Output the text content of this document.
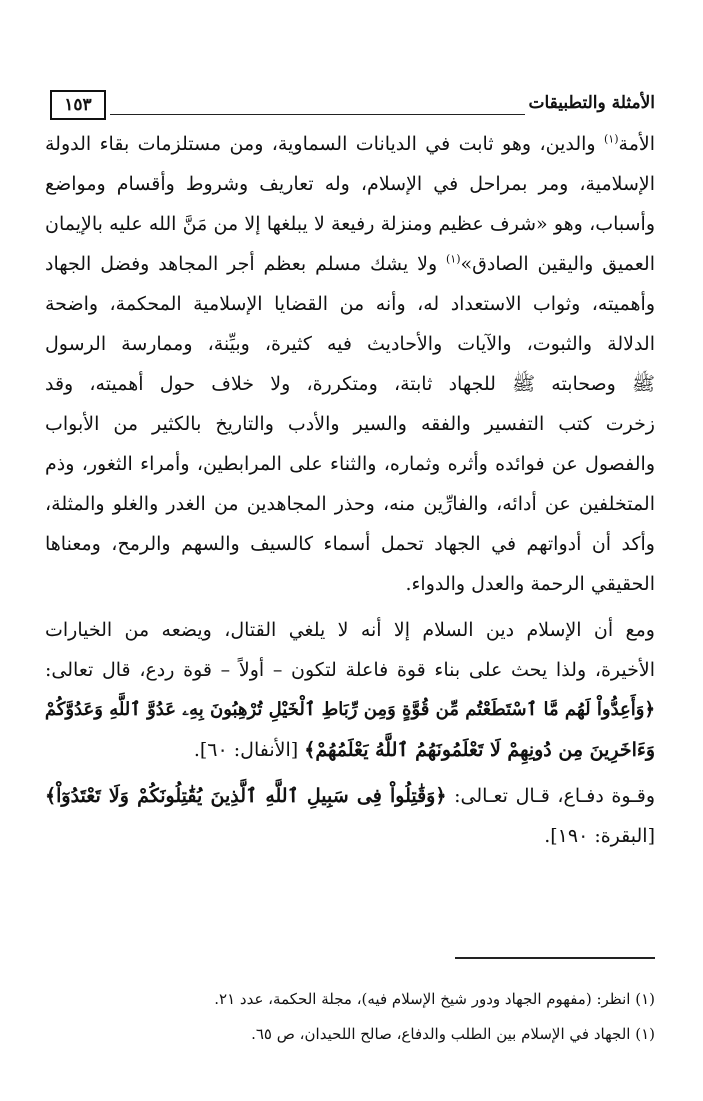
الأمثلة والتطبيقات
١٥٣
الأمة$^{(١)}$ والدين، وهو ثابت في الديانات السماوية، ومن مستلزمات بقاء الدولة
الإسلامية، ومر بمراحل في الإسلام، وله تعاريف وشروط وأقسام ومواضع
وأسباب، وهو «شرف عظيم ومنزلة رفيعة لا يبلغها إلا من مَنَّ الله عليه بالإيمان
العميق واليقين الصادق»$^{(١)}$ ولا يشك مسلم بعظم أجر المجاهد وفضل الجهاد
وأهميته، وثواب الاستعداد له، وأنه من القضايا الإسلامية المحكمة، واضحة
الدلالة والثبوت، والآيات والأحاديث فيه كثيرة، وبيِّنة، وممارسة الرسول
ﷺ وصحابته ﷺ للجهاد ثابتة، ومتكررة، ولا خلاف حول أهميته، وقد
زخرت كتب التفسير والفقه والسير والأدب والتاريخ بالكثير من الأبواب
والفصول عن فوائده وأثره وثماره، والثناء على المرابطين، وأمراء الثغور، وذم
المتخلفين عن أدائه، والفارِّين منه، وحذر المجاهدين من الغدر والغلو والمثلة،
وأكد أن أدواتهم في الجهاد تحمل أسماء كالسيف والسهم والرمح، ومعناها
الحقيقي الرحمة والعدل والدواء.
ومع أن الإسلام دين السلام إلا أنه لا يلغي القتال، ويضعه من الخيارات
الأخيرة، ولذا يحث على بناء قوة فاعلة لتكون – أولاً – قوة ردع، قال تعالى:
﴿وَأَعِدُّواْ لَهُم مَّا ٱسْتَطَعْتُم مِّن قُوَّةٍ وَمِن رِّبَاطِ ٱلْخَيْلِ تُرْهِبُونَ بِهِۦ عَدُوَّ ٱللَّهِ وَعَدُوَّكُمْ
وَءَاخَرِينَ مِن دُونِهِمْ لَا تَعْلَمُونَهُمُ ٱللَّهُ يَعْلَمُهُمْ﴾ [الأنفال: ٦٠].
وقـوة دفـاع، قـال تعـالى: ﴿وَقَٰتِلُواْ فِى سَبِيلِ ٱللَّهِ ٱلَّذِينَ يُقَٰتِلُونَكُمْ وَلَا تَعْتَدُوٓاْ﴾
[البقرة: ١٩٠].

(١) انظر: (مفهوم الجهاد ودور شيخ الإسلام فيه)، مجلة الحكمة، عدد ٢١.

(١) الجهاد في الإسلام بين الطلب والدفاع، صالح اللحيدان، ص ٦٥.
